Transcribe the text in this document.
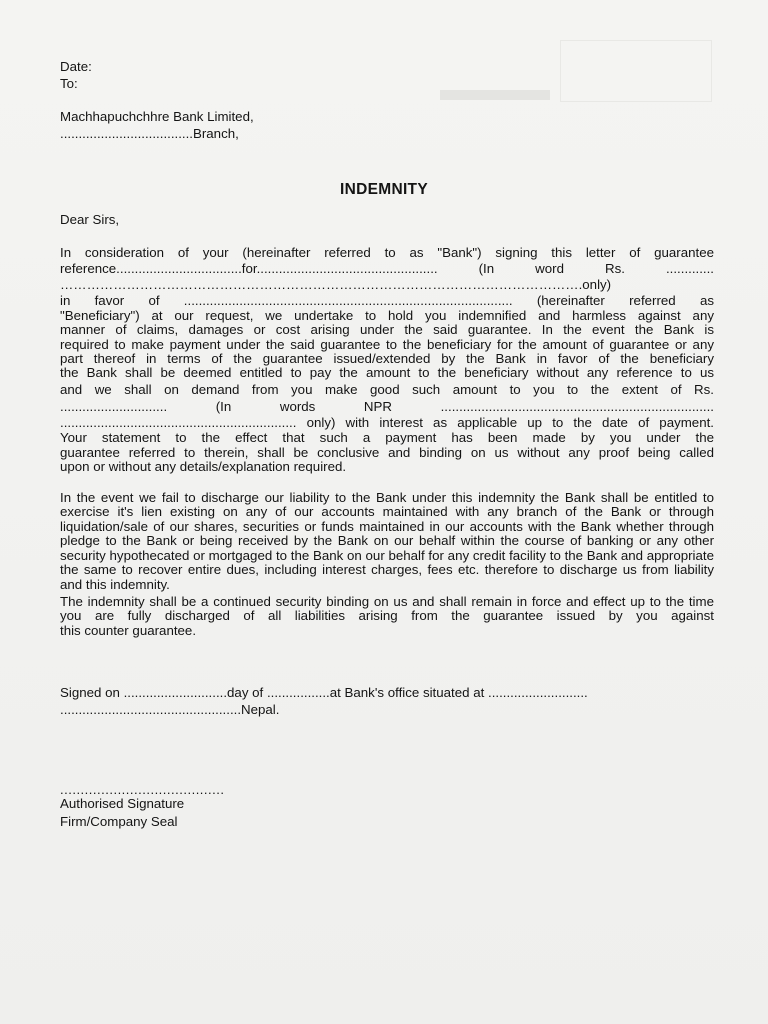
Date:
To:
Machhapuchchhre Bank Limited,
....................................Branch,
INDEMNITY
Dear Sirs,
In consideration of your (hereinafter referred to as "Bank") signing this letter of guarantee
reference..................................for................................................. (In word Rs. .............
……………………………………………………………………………………………………….only)
in favor of ......................................................................................... (hereinafter referred as
"Beneficiary") at our request, we undertake to hold you indemnified and harmless against any
manner of claims, damages or cost arising under the said guarantee. In the event the Bank is
required to make payment under the said guarantee to the beneficiary for the amount of guarantee or any
part thereof in terms of the guarantee issued/extended by the Bank in favor of the beneficiary
the Bank shall be deemed entitled to pay the amount to the beneficiary without any reference to us
and we shall on demand from you make good such amount to you to the extent of Rs.
............................. (In words NPR ..........................................................................
................................................................ only) with interest as applicable up to the date of payment.
Your statement to the effect that such a payment has been made by you under the
guarantee referred to therein, shall be conclusive and binding on us without any proof being called
upon or without any details/explanation required.
In the event we fail to discharge our liability to the Bank under this indemnity the Bank shall be entitled to
exercise it's lien existing on any of our accounts maintained with any branch of the Bank or through
liquidation/sale of our shares, securities or funds maintained in our accounts with the Bank whether through
pledge to the Bank or being received by the Bank on our behalf within the course of banking or any other
security hypothecated or mortgaged to the Bank on our behalf for any credit facility to the Bank and appropriate
the same to recover entire dues, including interest charges, fees etc. therefore to discharge us from liability
and this indemnity.
The indemnity shall be a continued security binding on us and shall remain in force and effect up to the time
you are fully discharged of all liabilities arising from the guarantee issued by you against
this counter guarantee.
Signed on ............................day of .................at Bank's office situated at ...........................
.................................................Nepal.
........................................
Authorised Signature
Firm/Company Seal
